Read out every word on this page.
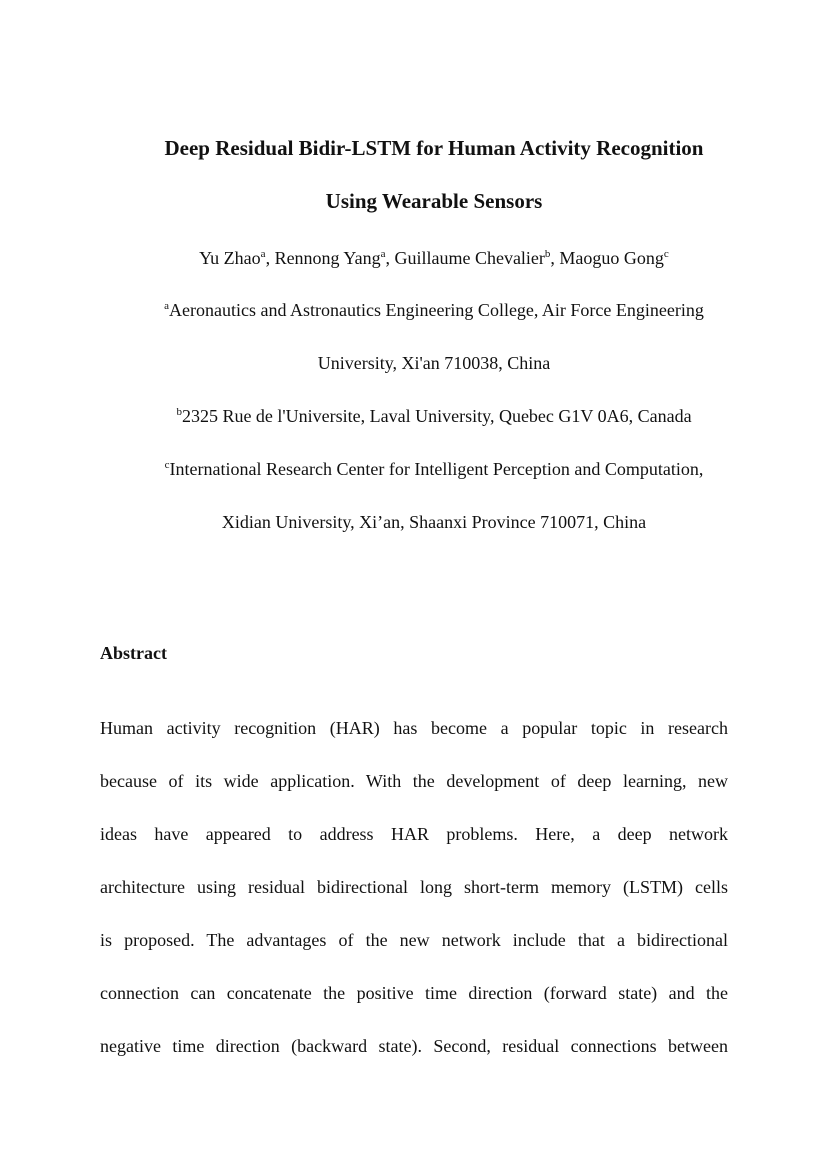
Deep Residual Bidir-LSTM for Human Activity Recognition
Using Wearable Sensors
Yu Zhao$^a$, Rennong Yang$^a$, Guillaume Chevalier$^b$, Maoguo Gong$^c$
$^a$Aeronautics and Astronautics Engineering College, Air Force Engineering
University, Xi'an 710038, China
$^b$2325 Rue de l'Universite, Laval University, Quebec G1V 0A6, Canada
$^c$International Research Center for Intelligent Perception and Computation,
Xidian University, Xi’an, Shaanxi Province 710071, China
Abstract
Human activity recognition (HAR) has become a popular topic in research
because of its wide application. With the development of deep learning, new
ideas have appeared to address HAR problems. Here, a deep network
architecture using residual bidirectional long short-term memory (LSTM) cells
is proposed. The advantages of the new network include that a bidirectional
connection can concatenate the positive time direction (forward state) and the
negative time direction (backward state). Second, residual connections between
